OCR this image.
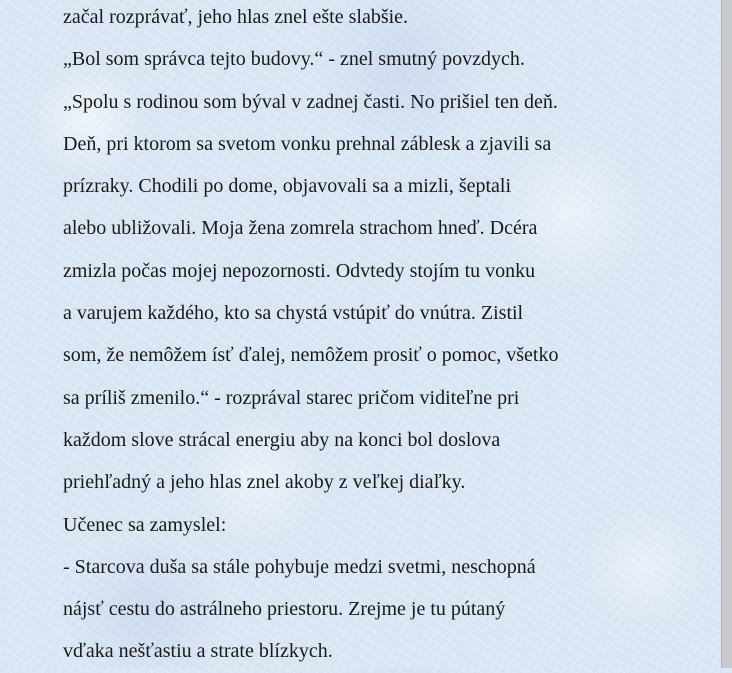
začal rozprávať, jeho hlas znel ešte slabšie.
„Bol som správca tejto budovy.“ - znel smutný povzdych.
„Spolu s rodinou som býval v zadnej časti. No prišiel ten deň.
Deň, pri ktorom sa svetom vonku prehnal záblesk a zjavili sa
prízraky. Chodili po dome, objavovali sa a mizli, šeptali
alebo ubližovali. Moja žena zomrela strachom hneď. Dcéra
zmizla počas mojej nepozornosti. Odvtedy stojím tu vonku
a varujem každého, kto sa chystá vstúpiť do vnútra. Zistil
som, že nemôžem ísť ďalej, nemôžem prosiť o pomoc, všetko
sa príliš zmenilo.“ - rozprával starec pričom viditeľne pri
každom slove strácal energiu aby na konci bol doslova
priehľadný a jeho hlas znel akoby z veľkej diaľky.
Učenec sa zamyslel:
- Starcova duša sa stále pohybuje medzi svetmi, neschopná
nájsť cestu do astrálneho priestoru. Zrejme je tu pútaný
vďaka nešťastiu a strate blízkych.
